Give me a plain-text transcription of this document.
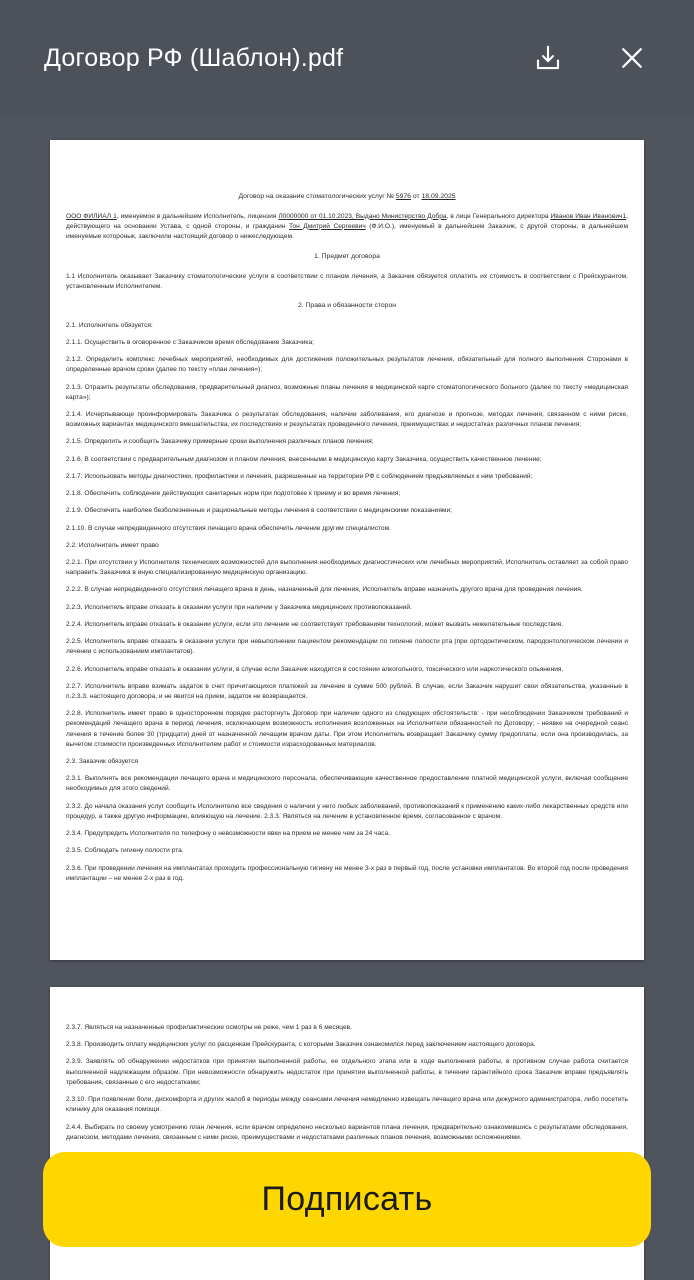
Договор РФ (Шаблон).pdf
Договор на оказание стоматологических услуг № 5976 от 18.09.2025
ООО ФИЛИАЛ 1, именуемое в дальнейшем Исполнитель, лицензия Л0000000 от 01.10.2023, Выдано Министерство Добра, в лице Генерального директора Иванов Иван Иванович1, действующего на основании Устава, с одной стороны, и гражданин Тон Дмитрий Сергеевич (Ф.И.О.), именуемый в дальнейшем Заказчик, с другой стороны, в дальнейшем именуемые которонык, заключили настоящий договор о нижеследующем.
1. Предмет договора
1.1 Исполнитель оказывает Заказчику стоматологические услуги в соответствии с планом лечения, а Заказчик обязуется оплатить их стоимость в соответствии с Прейскурантом, установленным Исполнителем.
2. Права и обязанности сторон
2.1. Исполнитель обязуется:
2.1.1. Осуществить в оговоренное с Заказчиком время обследование Заказчика;
2.1.2. Определить комплекс лечебных мероприятий, необходимых для достижения положительных результатов лечения, обязательный для полного выполнения Сторонами в определенные врачом сроки (далее по тексту «план лечения»);
2.1.3. Отразить результаты обследования, предварительный диагноз, возможные планы лечения в медицинской карте стоматологического больного (далее по тексту «медицинская карта»);
2.1.4. Исчерпывающе проинформировать Заказчика о результатах обследования, наличии заболевания, его диагнозе и прогнозе, методах лечения, связанном с ними риске, возможных вариантах медицинского вмешательства, их последствиях и результатах проведенного лечения, преимуществах и недостатках различных планов лечения;
2.1.5. Определить и сообщить Заказчику примерные сроки выполнения различных планов лечения;
2.1.6. В соответствии с предварительным диагнозом и планом лечения, внесенными в медицинскую карту Заказчика, осуществить качественное лечение;
2.1.7. Использовать методы диагностики, профилактики и лечения, разрешенные на территории РФ с соблюдением предъявляемых к ним требований;
2.1.8. Обеспечить соблюдение действующих санитарных норм при подготовке к приему и во время лечения;
2.1.9. Обеспечить наиболее безболезненные и рациональные методы лечения в соответствии с медицинскими показаниями;
2.1.10. В случае непредвиденного отсутствия лечащего врача обеспечить лечение другим специалистом.
2.2. Исполнитель имеет право
2.2.1. При отсутствии у Исполнителя технических возможностей для выполнения необходимых диагностических или лечебных мероприятий, Исполнитель оставляет за собой право направить Заказчика в иную специализированную медицинскую организацию.
2.2.2. В случае непредвиденного отсутствия лечащего врача в день, назначенный для лечения, Исполнитель вправе назначить другого врача для проведения лечения.
2.2.3. Исполнитель вправе отказать в оказании услуги при наличии у Заказчика медицинских противопоказаний.
2.2.4. Исполнитель вправе отказать в оказании услуги, если это лечение не соответствует требованиям технологий, может вызвать нежелательные последствия.
2.2.5. Исполнитель вправе отказать в оказании услуги при невыполнении пациентом рекомендации по гигиене полости рта (при ортодонтическом, пародонтологическом лечении и лечении с использованием имплантатов).
2.2.6. Исполнитель вправе отказать в оказании услуги, в случае если Заказчик находится в состоянии алкогольного, токсического или наркотического опьянения.
2.2.7. Исполнитель вправе взимать задаток в счет причитающихся платежей за лечение в сумме 500 рублей. В случае, если Заказчик нарушит свои обязательства, указанные в п.2.3.3. настоящего договора, и не явится на прием, задаток не возвращается.
2.2.8. Исполнитель имеет право в одностороннем порядке расторгнуть Договор при наличии одного из следующих обстоятельств: - при несоблюдении Заказчиком требований и рекомендаций лечащего врача в период лечения, исключающем возможность исполнения возложенных на Исполнителя обязанностей по Договору; - неявке на очередной сеанс лечения в течение более 30 (тридцати) дней от назначенной лечащим врачом даты. При этом Исполнитель возвращает Заказчику сумму предоплаты, если она производилась, за вычетом стоимости произведенных Исполнителем работ и стоимости израсходованных материалов.
2.3. Заказчик обязуется
2.3.1. Выполнять все рекомендации лечащего врача и медицинского персонала, обеспечивающие качественное предоставление платной медицинской услуги, включая сообщение необходимых для этого сведений.
2.3.2. До начала оказания услуг сообщить Исполнителю все сведения о наличии у него любых заболеваний, противопоказаний к применению каких-либо лекарственных средств или процедур, а также другую информацию, влияющую на лечение. 2.3.3. Являться на лечение в установленное время, согласованное с врачом.
2.3.4. Предупредить Исполнителя по телефону о невозможности явки на прием не менее чем за 24 часа.
2.3.5. Соблюдать гигиену полости рта.
2.3.6. При проведении лечения на имплантатах проходить профессиональную гигиену не менее 3-х раз в первый год, после установки имплантатов. Во второй год после проведения имплантации – не менее 2-х раз в год.
2.3.7. Являться на назначенные профилактические осмотры не реже, чем 1 раз в 6 месяцев.
2.3.8. Производить оплату медицинских услуг по расценкам Прейскуранта, с которыми Заказчик ознакомился перед заключением настоящего договора.
2.3.9. Заявлять об обнаружении недостатков при принятии выполненной работы, ее отдельного этапа или в ходе выполнения работы, в противном случае работа считается выполненной надлежащим образом. При невозможности обнаружить недостаток при принятии выполненной работы, в течение гарантийного срока Заказчик вправе предъявлять требования, связанные с его недостатками;
2.3.10. При появлении боли, дискомфорта и других жалоб в периоды между сеансами лечения немедленно извещать лечащего врача или дежурного администратора, либо посетить клинику для оказания помощи.
2.4.4. Выбирать по своему усмотрению план лечения, если врачом определено несколько вариантов плана лечения, предварительно ознакомившись с результатами обследования, диагнозом, методами лечения, связанным с ними риске, преимуществами и недостатками различных планов лечения, возможными осложнениями.
Подписать
